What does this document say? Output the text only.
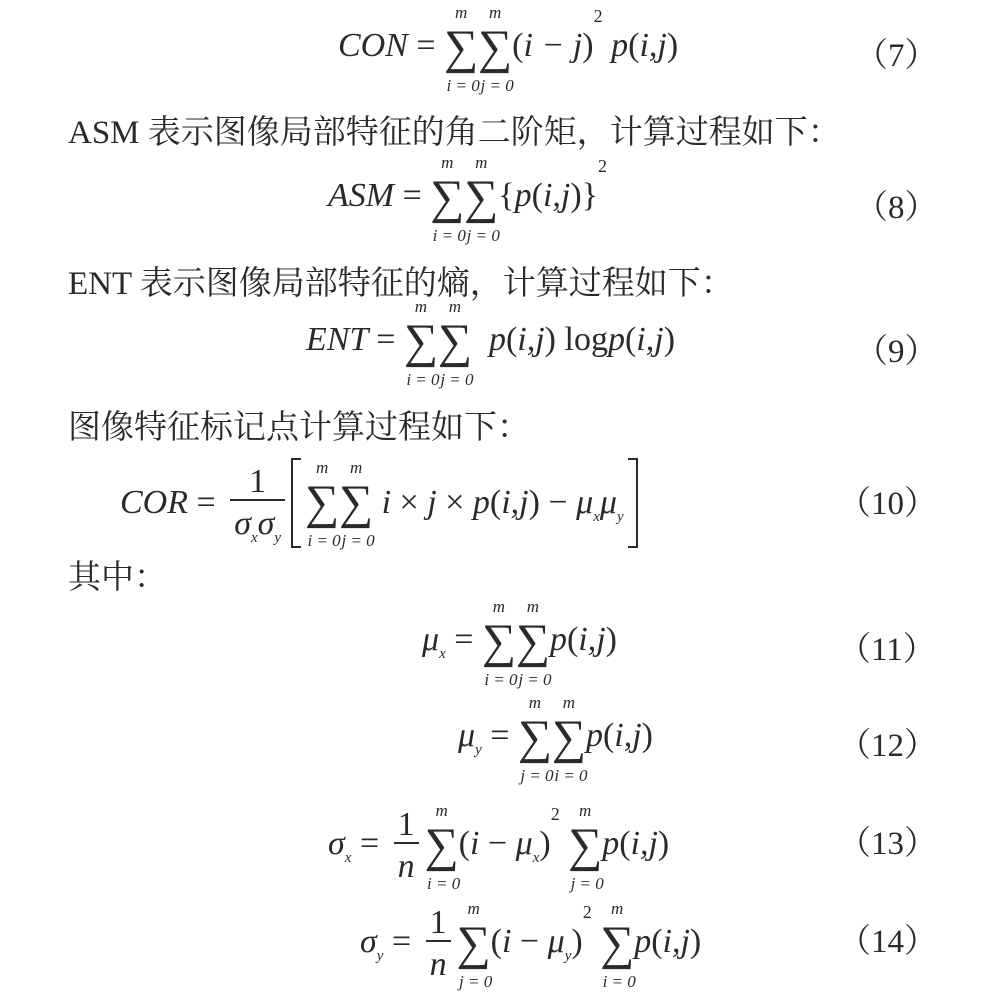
CON =
m
∑
i = 0
m
∑
j = 0
$(i - j)^2$ p(i,j)	（7）
ASM 表示图像局部特征的角二阶矩，计算过程如下：
ASM =
m
∑
i = 0
m
∑
j = 0
$\{p(i,j)\}^2$
（8）
ENT 表示图像局部特征的熵，计算过程如下：
ENT =
m
∑
i = 0
m
∑
j = 0
p(i,j) logp(i,j)	（9）
图像特征标记点计算过程如下：
COR = $\frac{1}{\sigma_x\sigma_y}$	m
∑
i = 0
m
∑
j = 0
$i \times j \times p(i,j) - \mu_x\mu_y$	（10）
其中：
$\mu_x$ =
m
∑
i = 0
m
∑
j = 0
p(i,j)	（11）
$\mu_y$ =
m
∑
j = 0
m
∑
i = 0
p(i,j)	（12）
$\sigma_x = \frac{1}{n}$ m
∑
i = 0
$(i - \mu_x)^2$	m
∑
j = 0
p(i,j)	（13）
$\sigma_y = \frac{1}{n}$ m
∑
j = 0
$(i - \mu_y)^2$	m
∑
i = 0
p(i,j)	（14）
